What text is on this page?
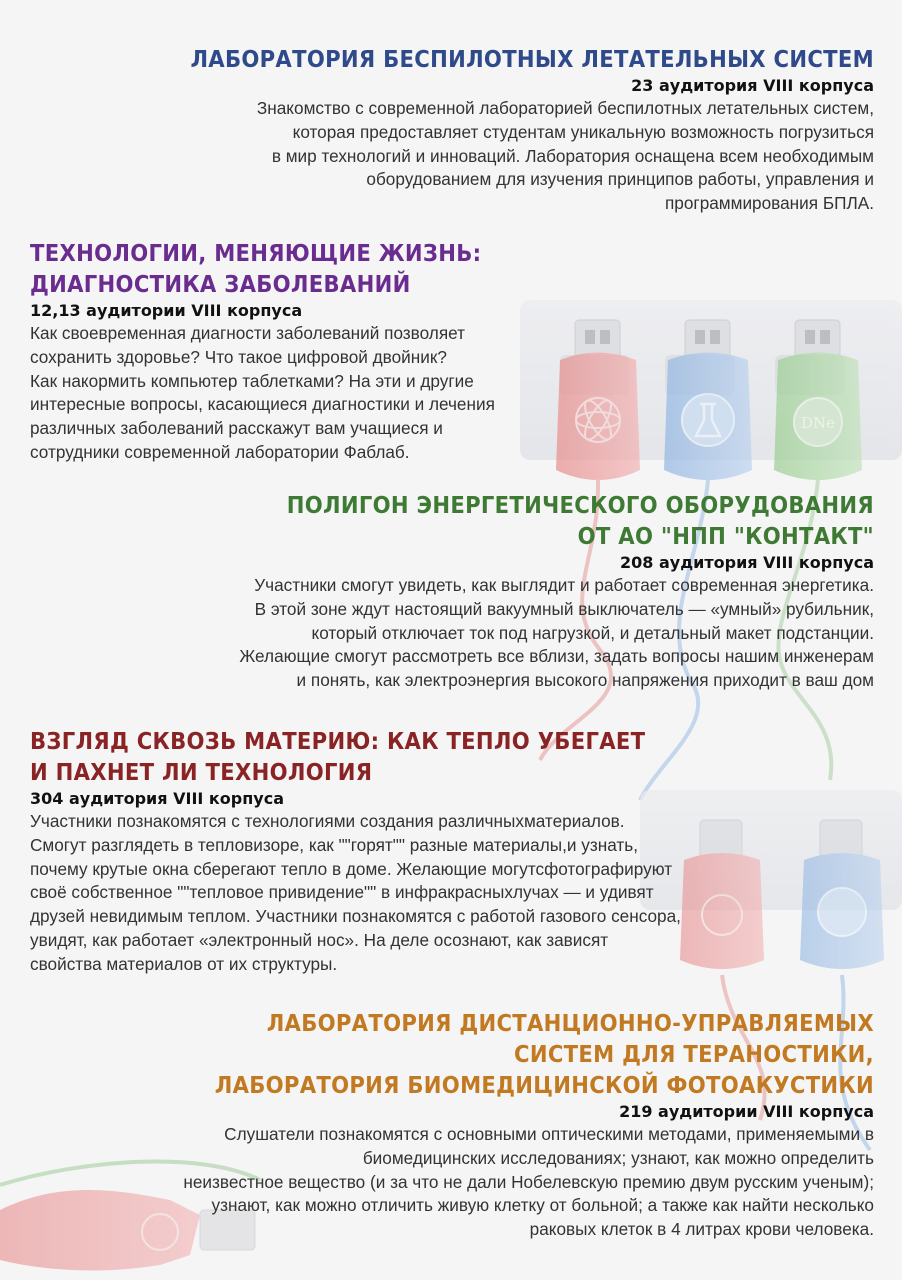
DNe
ЛАБОРАТОРИЯ БЕСПИЛОТНЫХ ЛЕТАТЕЛЬНЫХ СИСТЕМ
23 аудитория VIII корпуса

Знакомство с современной лабораторией беспилотных летательных систем,
которая предоставляет студентам уникальную возможность погрузиться
в мир технологий и инноваций. Лаборатория оснащена всем необходимым
оборудованием для изучения принципов работы, управления и
программирования БПЛА.

ТЕХНОЛОГИИ, МЕНЯЮЩИЕ ЖИЗНЬ:
ДИАГНОСТИКА ЗАБОЛЕВАНИЙ
12,13 аудитории VIII корпуса

Как своевременная диагности заболеваний позволяет
сохранить здоровье? Что такое цифровой двойник?
Как накормить компьютер таблетками? На эти и другие
интересные вопросы, касающиеся диагностики и лечения
различных заболеваний расскажут вам учащиеся и
сотрудники современной лаборатории Фаблаб.

ПОЛИГОН ЭНЕРГЕТИЧЕСКОГО ОБОРУДОВАНИЯ
ОТ АО "НПП "КОНТАКТ"
208 аудитория VIII корпуса

Участники смогут увидеть, как выглядит и работает современная энергетика.
В этой зоне ждут настоящий вакуумный выключатель — «умный» рубильник,
который отключает ток под нагрузкой, и детальный макет подстанции.
Желающие смогут рассмотреть все вблизи, задать вопросы нашим инженерам
и понять, как электроэнергия высокого напряжения приходит в ваш дом

ВЗГЛЯД СКВОЗЬ МАТЕРИЮ: КАК ТЕПЛО УБЕГАЕТ
И ПАХНЕТ ЛИ ТЕХНОЛОГИЯ
304 аудитория VIII корпуса

Участники познакомятся с технологиями создания различныхматериалов.
Смогут разглядеть в тепловизоре, как ""горят"" разные материалы,и узнать,
почему крутые окна сберегают тепло в доме. Желающие могутсфотографируют
своё собственное ""тепловое привидение"" в инфракрасныхлучах — и удивят
друзей невидимым теплом. Участники познакомятся с работой газового сенсора,
увидят, как работает «электронный нос». На деле осознают, как зависят
свойства материалов от их структуры.

ЛАБОРАТОРИЯ ДИСТАНЦИОННО-УПРАВЛЯЕМЫХ
СИСТЕМ ДЛЯ ТЕРАНОСТИКИ,
ЛАБОРАТОРИЯ БИОМЕДИЦИНСКОЙ ФОТОАКУСТИКИ
219 аудитории VIII корпуса

Слушатели познакомятся с основными оптическими методами, применяемыми в
биомедицинских исследованиях; узнают, как можно определить
неизвестное вещество (и за что не дали Нобелевскую премию двум русским ученым);
узнают, как можно отличить живую клетку от больной; а также как найти несколько
раковых клеток в 4 литрах крови человека.
